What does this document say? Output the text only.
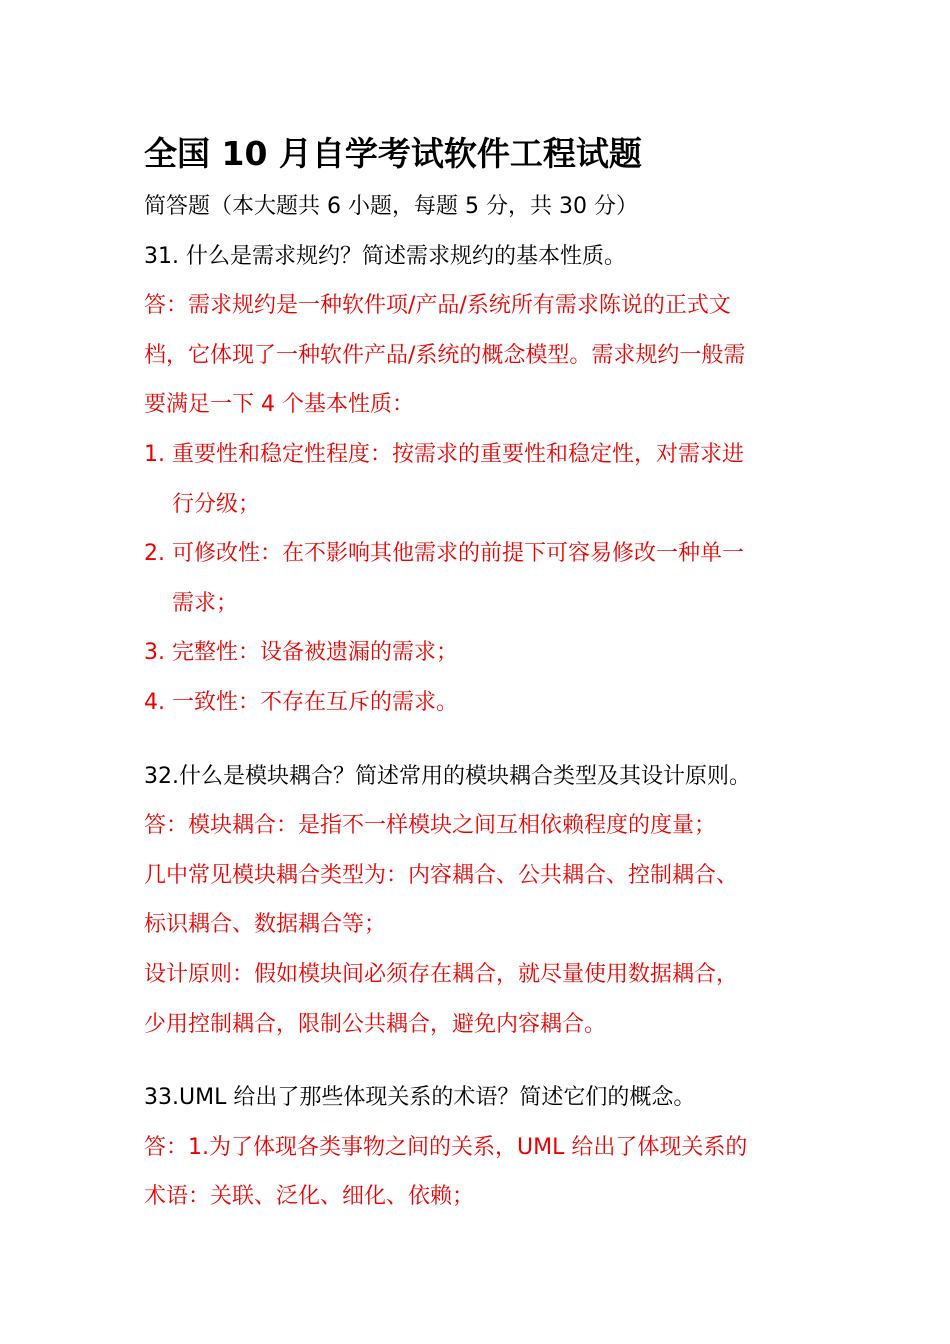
全国 10 月自学考试软件工程试题
简答题（本大题共 6 小题，每题 5 分，共 30 分）
31. 什么是需求规约？简述需求规约的基本性质。
答：需求规约是一种软件项/产品/系统所有需求陈说的正式文
档，它体现了一种软件产品/系统的概念模型。需求规约一般需
要满足一下 4 个基本性质：
1. 重要性和稳定性程度：按需求的重要性和稳定性，对需求进
行分级；
2. 可修改性：在不影响其他需求的前提下可容易修改一种单一
需求；
3. 完整性：设备被遗漏的需求；
4. 一致性：不存在互斥的需求。
32.什么是模块耦合？简述常用的模块耦合类型及其设计原则。
答：模块耦合：是指不一样模块之间互相依赖程度的度量；
几中常见模块耦合类型为：内容耦合、公共耦合、控制耦合、
标识耦合、数据耦合等；
设计原则：假如模块间必须存在耦合，就尽量使用数据耦合，
少用控制耦合，限制公共耦合，避免内容耦合。
33.UML 给出了那些体现关系的术语？简述它们的概念。
答：1.为了体现各类事物之间的关系，UML 给出了体现关系的
术语：关联、泛化、细化、依赖；
